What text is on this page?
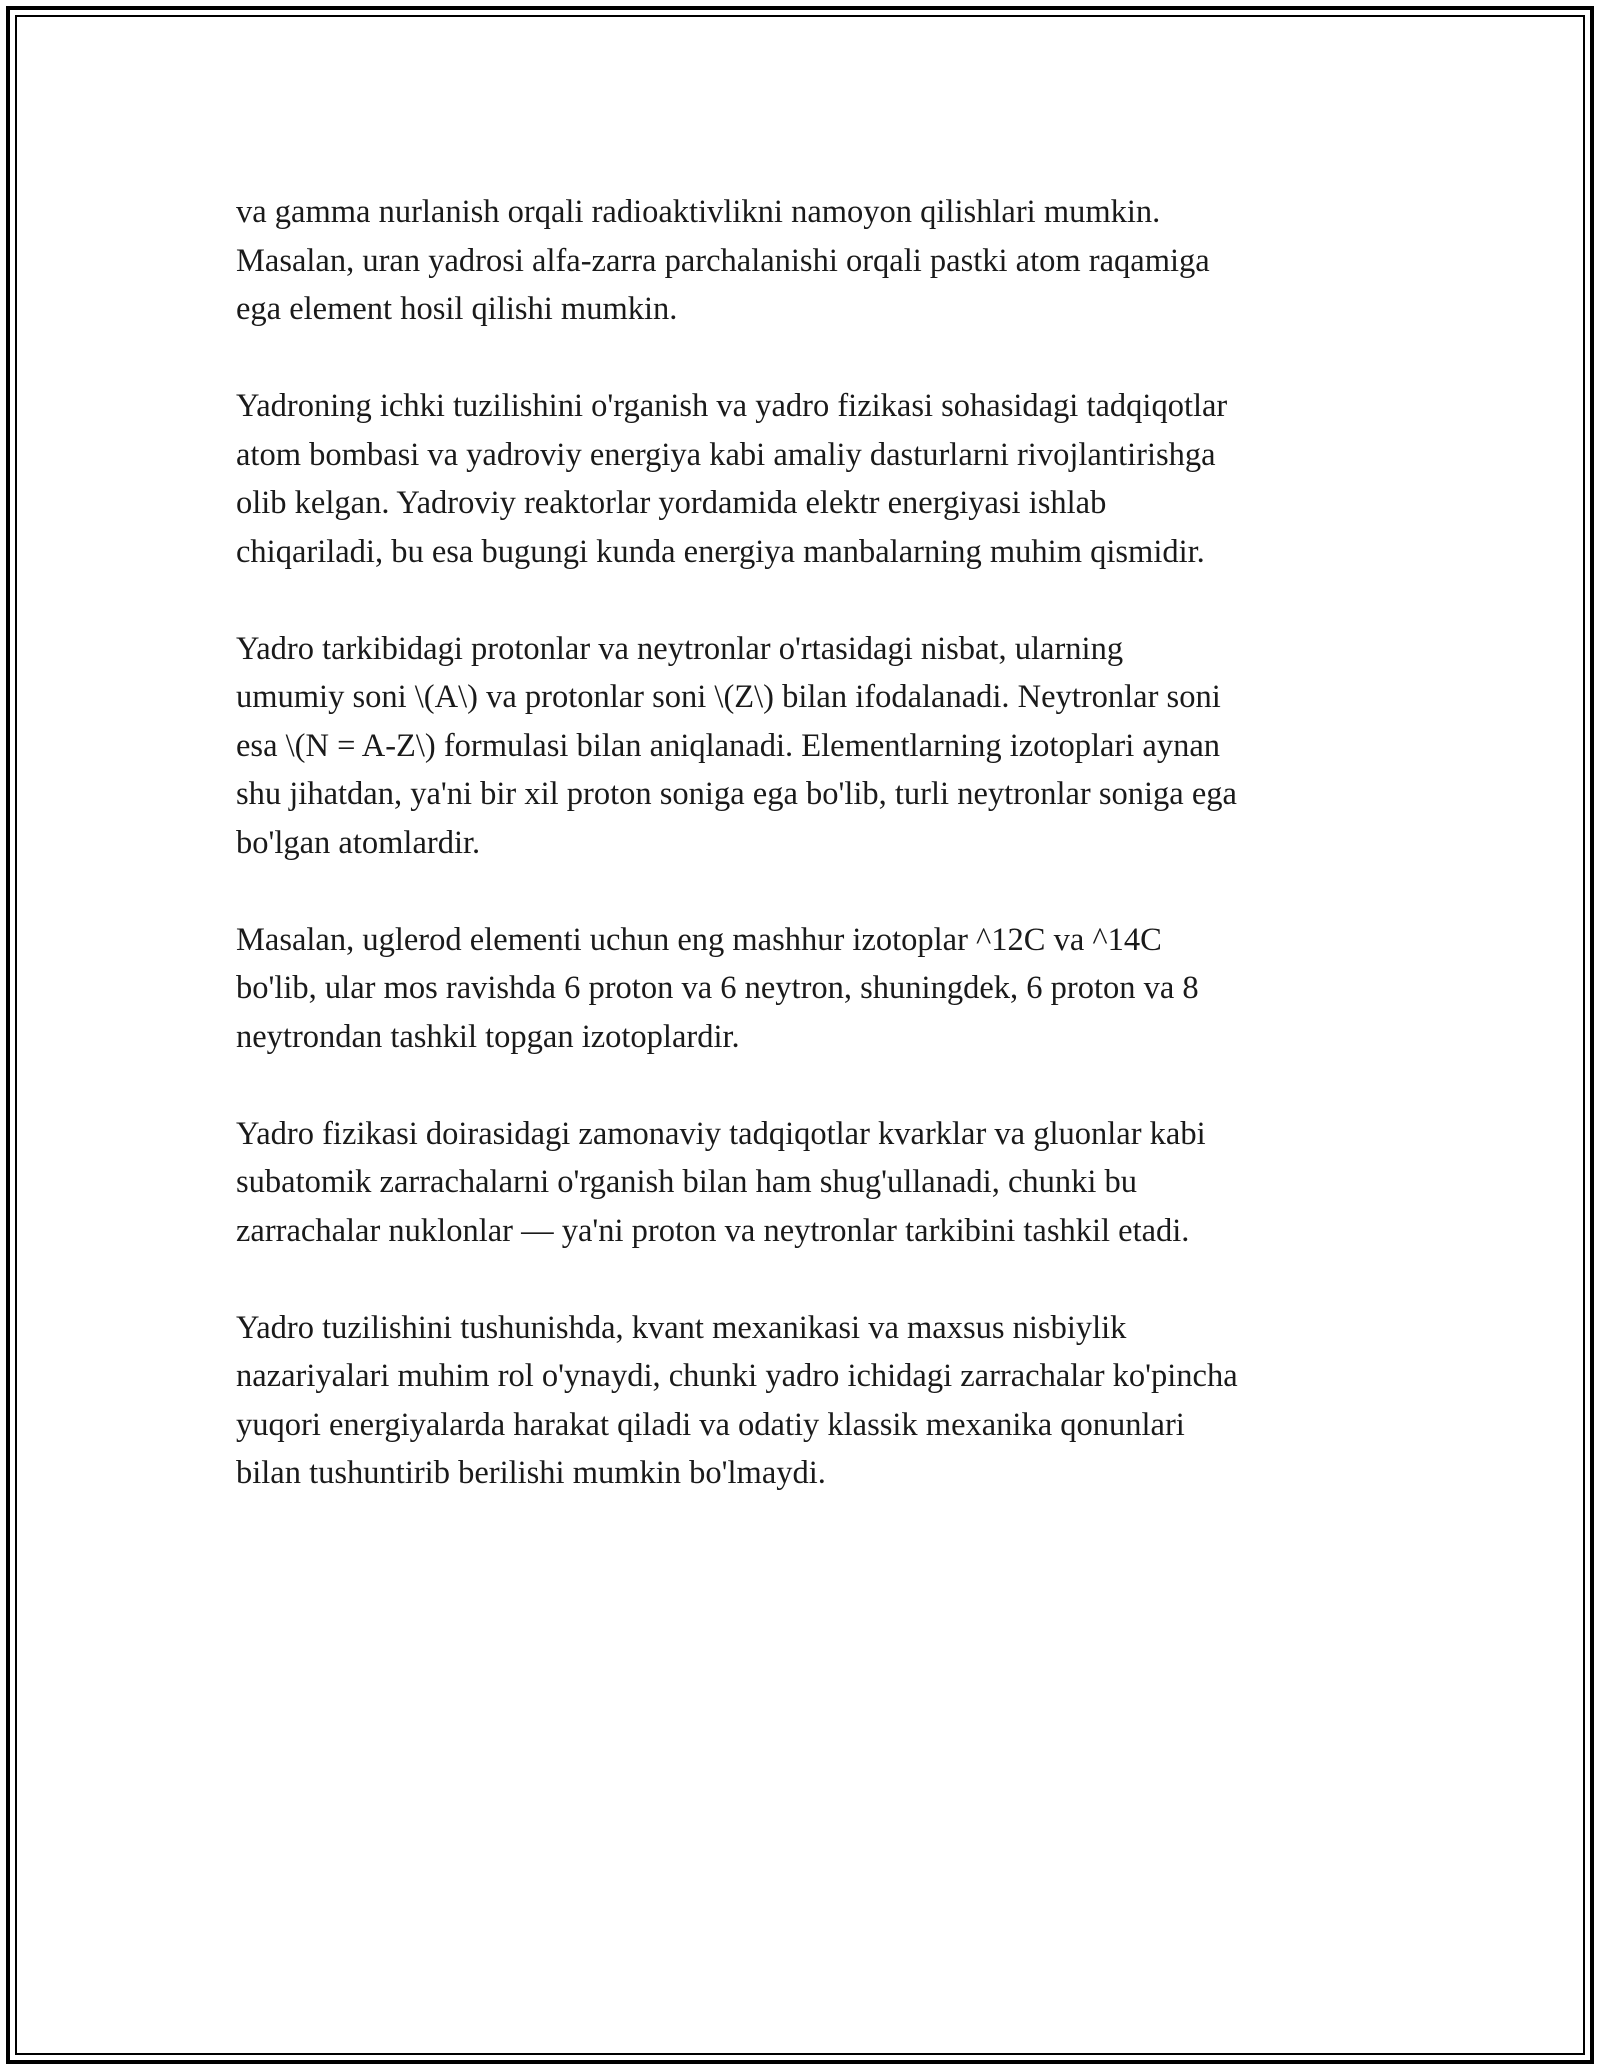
va gamma nurlanish orqali radioaktivlikni namoyon qilishlari mumkin.
Masalan, uran yadrosi alfa-zarra parchalanishi orqali pastki atom raqamiga
ega element hosil qilishi mumkin.

Yadroning ichki tuzilishini o'rganish va yadro fizikasi sohasidagi tadqiqotlar
atom bombasi va yadroviy energiya kabi amaliy dasturlarni rivojlantirishga
olib kelgan. Yadroviy reaktorlar yordamida elektr energiyasi ishlab
chiqariladi, bu esa bugungi kunda energiya manbalarning muhim qismidir.

Yadro tarkibidagi protonlar va neytronlar o'rtasidagi nisbat, ularning
umumiy soni \(A\) va protonlar soni \(Z\) bilan ifodalanadi. Neytronlar soni
esa \(N = A-Z\) formulasi bilan aniqlanadi. Elementlarning izotoplari aynan
shu jihatdan, ya'ni bir xil proton soniga ega bo'lib, turli neytronlar soniga ega
bo'lgan atomlardir.

Masalan, uglerod elementi uchun eng mashhur izotoplar ^12C va ^14C
bo'lib, ular mos ravishda 6 proton va 6 neytron, shuningdek, 6 proton va 8
neytrondan tashkil topgan izotoplardir.

Yadro fizikasi doirasidagi zamonaviy tadqiqotlar kvarklar va gluonlar kabi
subatomik zarrachalarni o'rganish bilan ham shug'ullanadi, chunki bu
zarrachalar nuklonlar — ya'ni proton va neytronlar tarkibini tashkil etadi.

Yadro tuzilishini tushunishda, kvant mexanikasi va maxsus nisbiylik
nazariyalari muhim rol o'ynaydi, chunki yadro ichidagi zarrachalar ko'pincha
yuqori energiyalarda harakat qiladi va odatiy klassik mexanika qonunlari
bilan tushuntirib berilishi mumkin bo'lmaydi.
